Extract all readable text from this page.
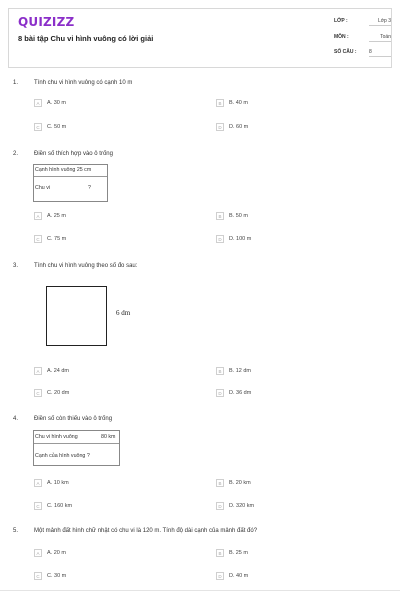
QUIZIZZ
8 bài tập Chu vi hình vuông có lời giải
LỚP :	Lớp 3
MÔN :	Toán
SỐ CÂU :	8
1.	Tính chu vi hình vuông có cạnh 10 m
A	A. 30 m	B	B. 40 m
C	C. 50 m	D	D. 60 m
2.	Điền số thích hợp vào ô trống
Cạnh hình vuông 25 cm
Chu vi	?
A	A. 25 m	B	B. 50 m
C	C. 75 m	D	D. 100 m
3.	Tính chu vi hình vuông theo số đo sau:
6 dm
A	A. 24 dm	B	B. 12 dm
C	C. 20 dm	D	D. 36 dm
4.	Điền số còn thiếu vào ô trống
Chu vi hình vuông	80 km
Cạnh của hình vuông ?
A	A. 10 km	B	B. 20 km
C	C. 160 km	D	D. 320 km
5.	Một mảnh đất hình chữ nhật có chu vi là 120 m. Tính độ dài cạnh của mảnh đất đó?
A	A. 20 m	B	B. 25 m
C	C. 30 m	D	D. 40 m
